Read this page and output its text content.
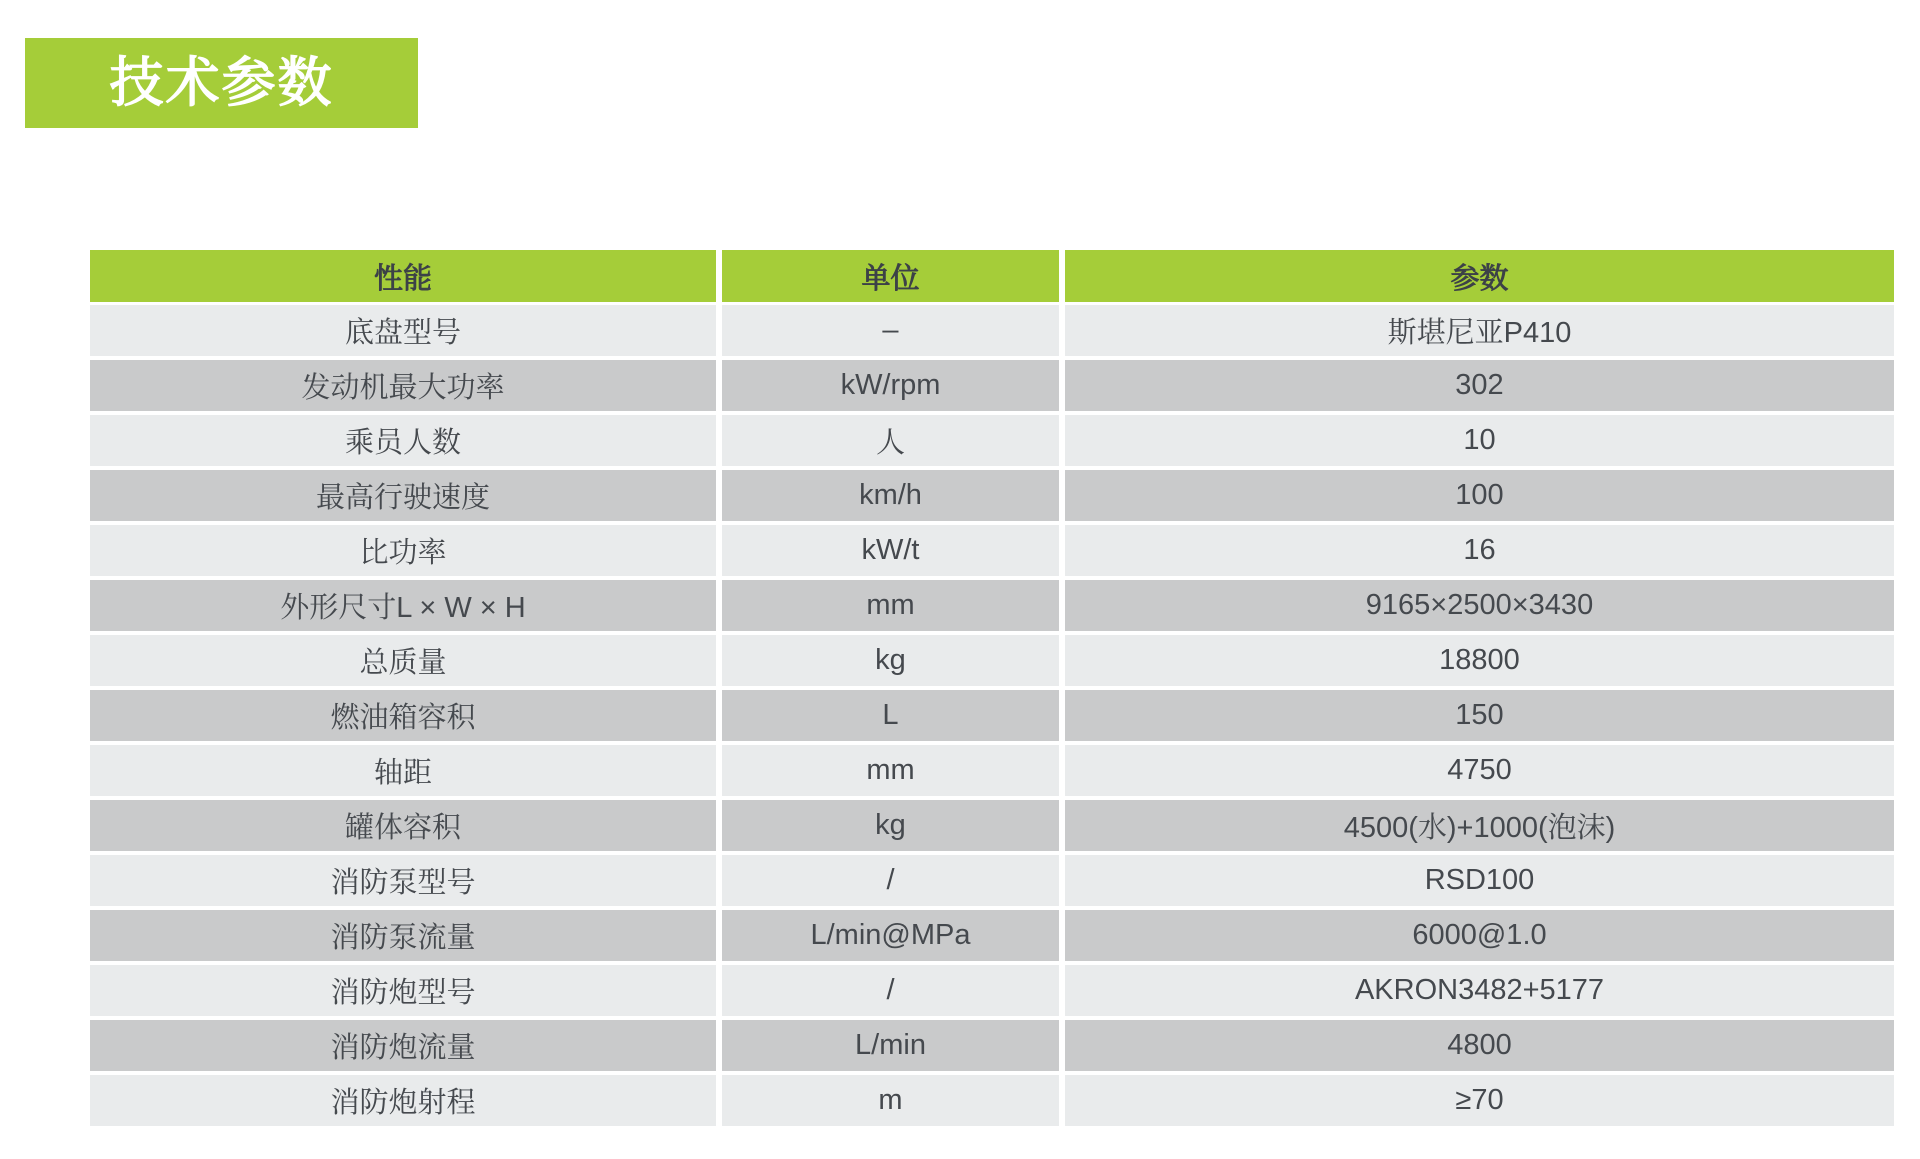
技术参数
性能	单位	参数
底盘型号	–	斯堪尼亚P410
发动机最大功率	kW/rpm	302
乘员人数	人	10
最高行驶速度	km/h	100
比功率	kW/t	16
外形尺寸L × W × H	mm	9165×2500×3430
总质量	kg	18800
燃油箱容积	L	150
轴距	mm	4750
罐体容积	kg	4500(水)+1000(泡沫)
消防泵型号	/	RSD100
消防泵流量	L/min@MPa	6000@1.0
消防炮型号	/	AKRON3482+5177
消防炮流量	L/min	4800
消防炮射程	m	≥70
